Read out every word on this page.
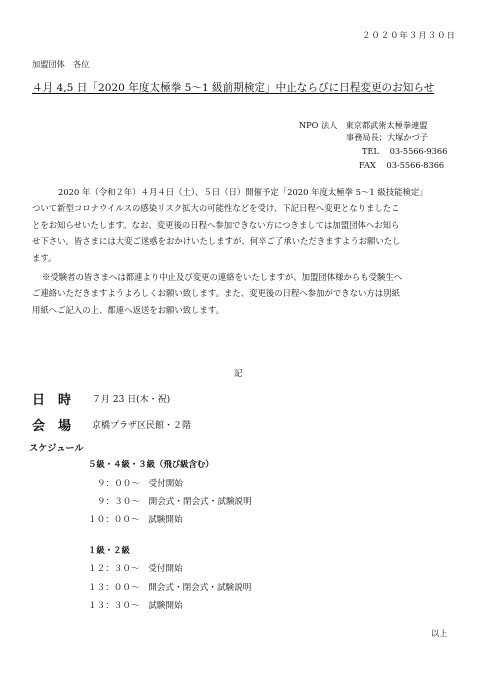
２０２０年３月３０日
加盟団体　各位
４月 4,5 日「2020 年度太極拳 5～1 級前期検定」中止ならびに日程変更のお知らせ
NPO 法人　 東京都武術太極拳連盟
事務局長；大塚かづ子
TEL　 03-5566-9366
FAX　 03-5566-8366
2020 年（令和２年）４月４日（土）、５日（日）開催予定「2020 年度太極拳 5～1 級技能検定」
ついて新型コロナウイルスの感染リスク拡大の可能性などを受け、下記日程へ変更となりましたこ
とをお知らせいたします。なお、変更後の日程へ参加できない方につきましては加盟団体へお知ら
せ下さい。皆さまには大変ご迷惑をおかけいたしますが、何卒ご了承いただきますようお願いたし
ます。
※受験者の皆さまへは都連より中止及び変更の連絡をいたしますが、加盟団体様からも受験生へ
ご連絡いただきますようよろしくお願い致します。また、変更後の日程へ参加ができない方は別紙
用紙へご記入の上、都連へ返送をお願い致します。
記
日　時 ７月 23 日(木・祝)
会　場 京橋プラザ区民館・２階
スケジュール
５級・４級・３級（飛び級含む）
９：００～　 受付開始
９：３０～　 開会式・閉会式・試験説明
１０：００～　 試験開始
１級・２級
１２：３０～　 受付開始
１３：００～　 開会式・閉会式・試験説明
１３：３０～　 試験開始
以上
